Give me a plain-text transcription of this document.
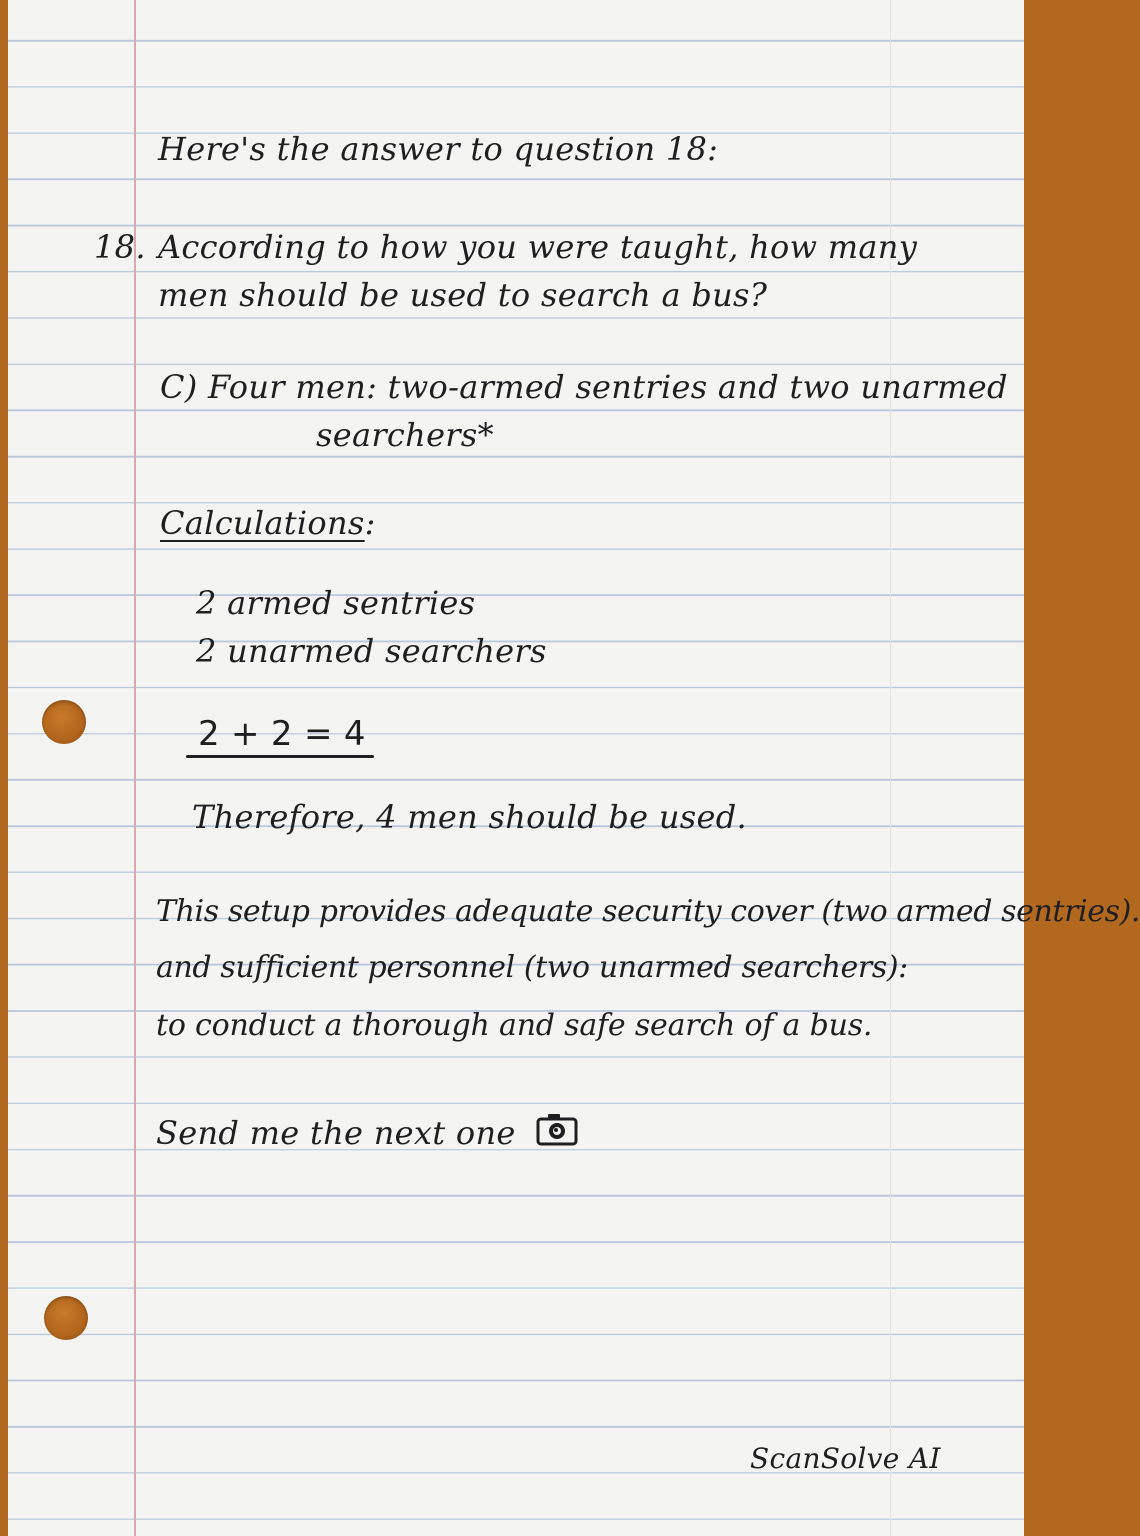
Here's the answer to question 18:
18. According to how you were taught, how many
men should be used to search a bus?
C) Four men: two-armed sentries and two unarmed
searchers*
Calculations:
2 armed sentries
2 unarmed searchers
2 + 2 = 4
Therefore, 4 men should be used.
This setup provides adequate security cover (two armed sentries).
and sufficient personnel (two unarmed searchers):
to conduct a thorough and safe search of a bus.
Send me the next one
ScanSolve AI
